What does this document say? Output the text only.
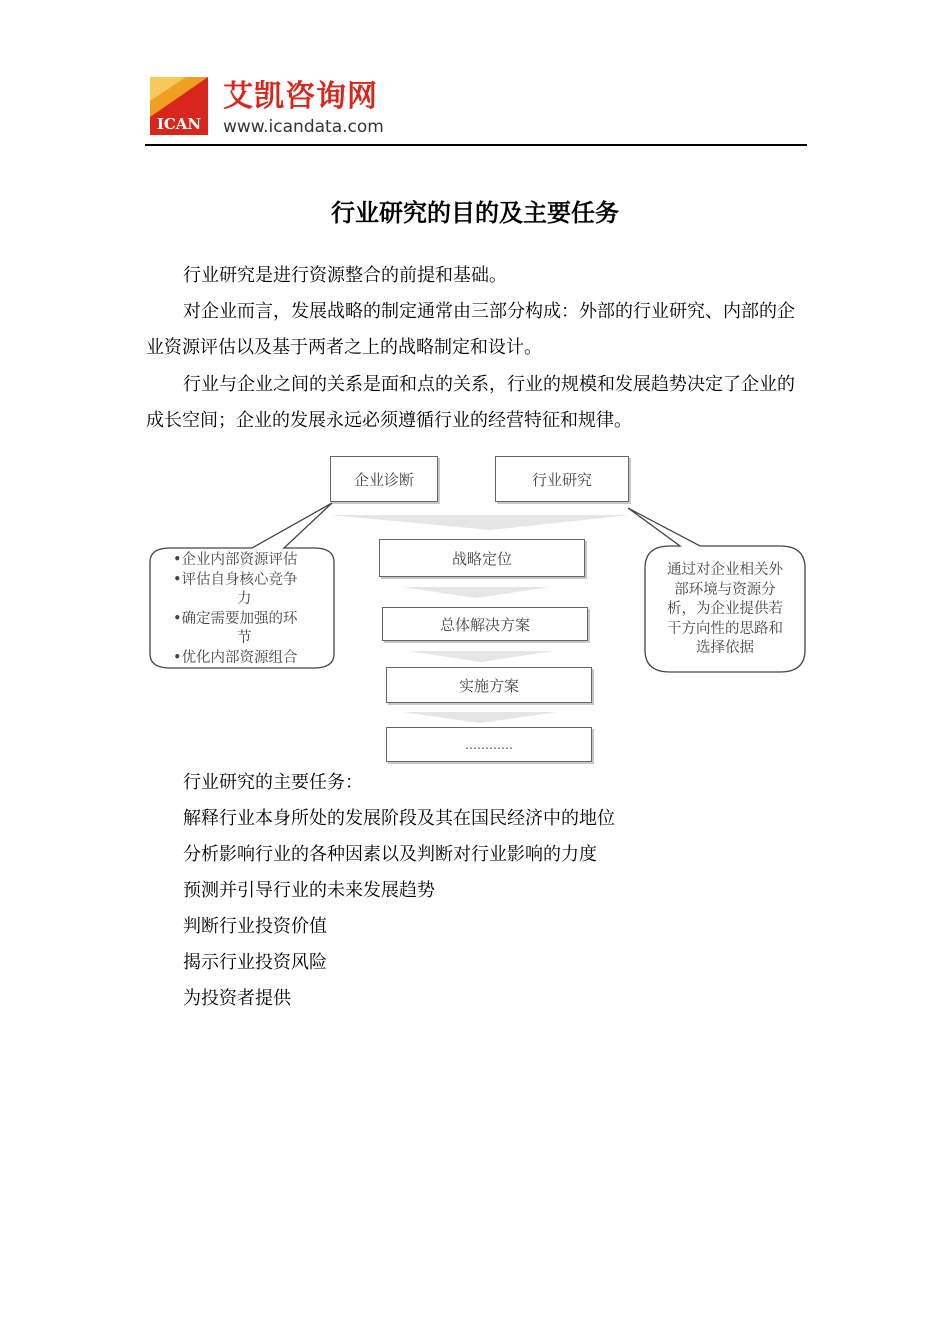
ICAN
艾凯咨询网
www.icandata.com
行业研究的目的及主要任务

行业研究是进行资源整合的前提和基础。

对企业而言，发展战略的制定通常由三部分构成：外部的行业研究、内部的企业资源评估以及基于两者之上的战略制定和设计。

行业与企业之间的关系是面和点的关系，行业的规模和发展趋势决定了企业的成长空间；企业的发展永远必须遵循行业的经营特征和规律。

企业诊断	行业研究
战略定位
总体解决方案
实施方案
…………
•企业内部资源评估
•评估自身核心竞争
力
•确定需要加强的环
节
•优化内部资源组合
通过对企业相关外
部环境与资源分
析，为企业提供若
干方向性的思路和
选择依据
行业研究的主要任务：
解释行业本身所处的发展阶段及其在国民经济中的地位
分析影响行业的各种因素以及判断对行业影响的力度
预测并引导行业的未来发展趋势
判断行业投资价值
揭示行业投资风险
为投资者提供
